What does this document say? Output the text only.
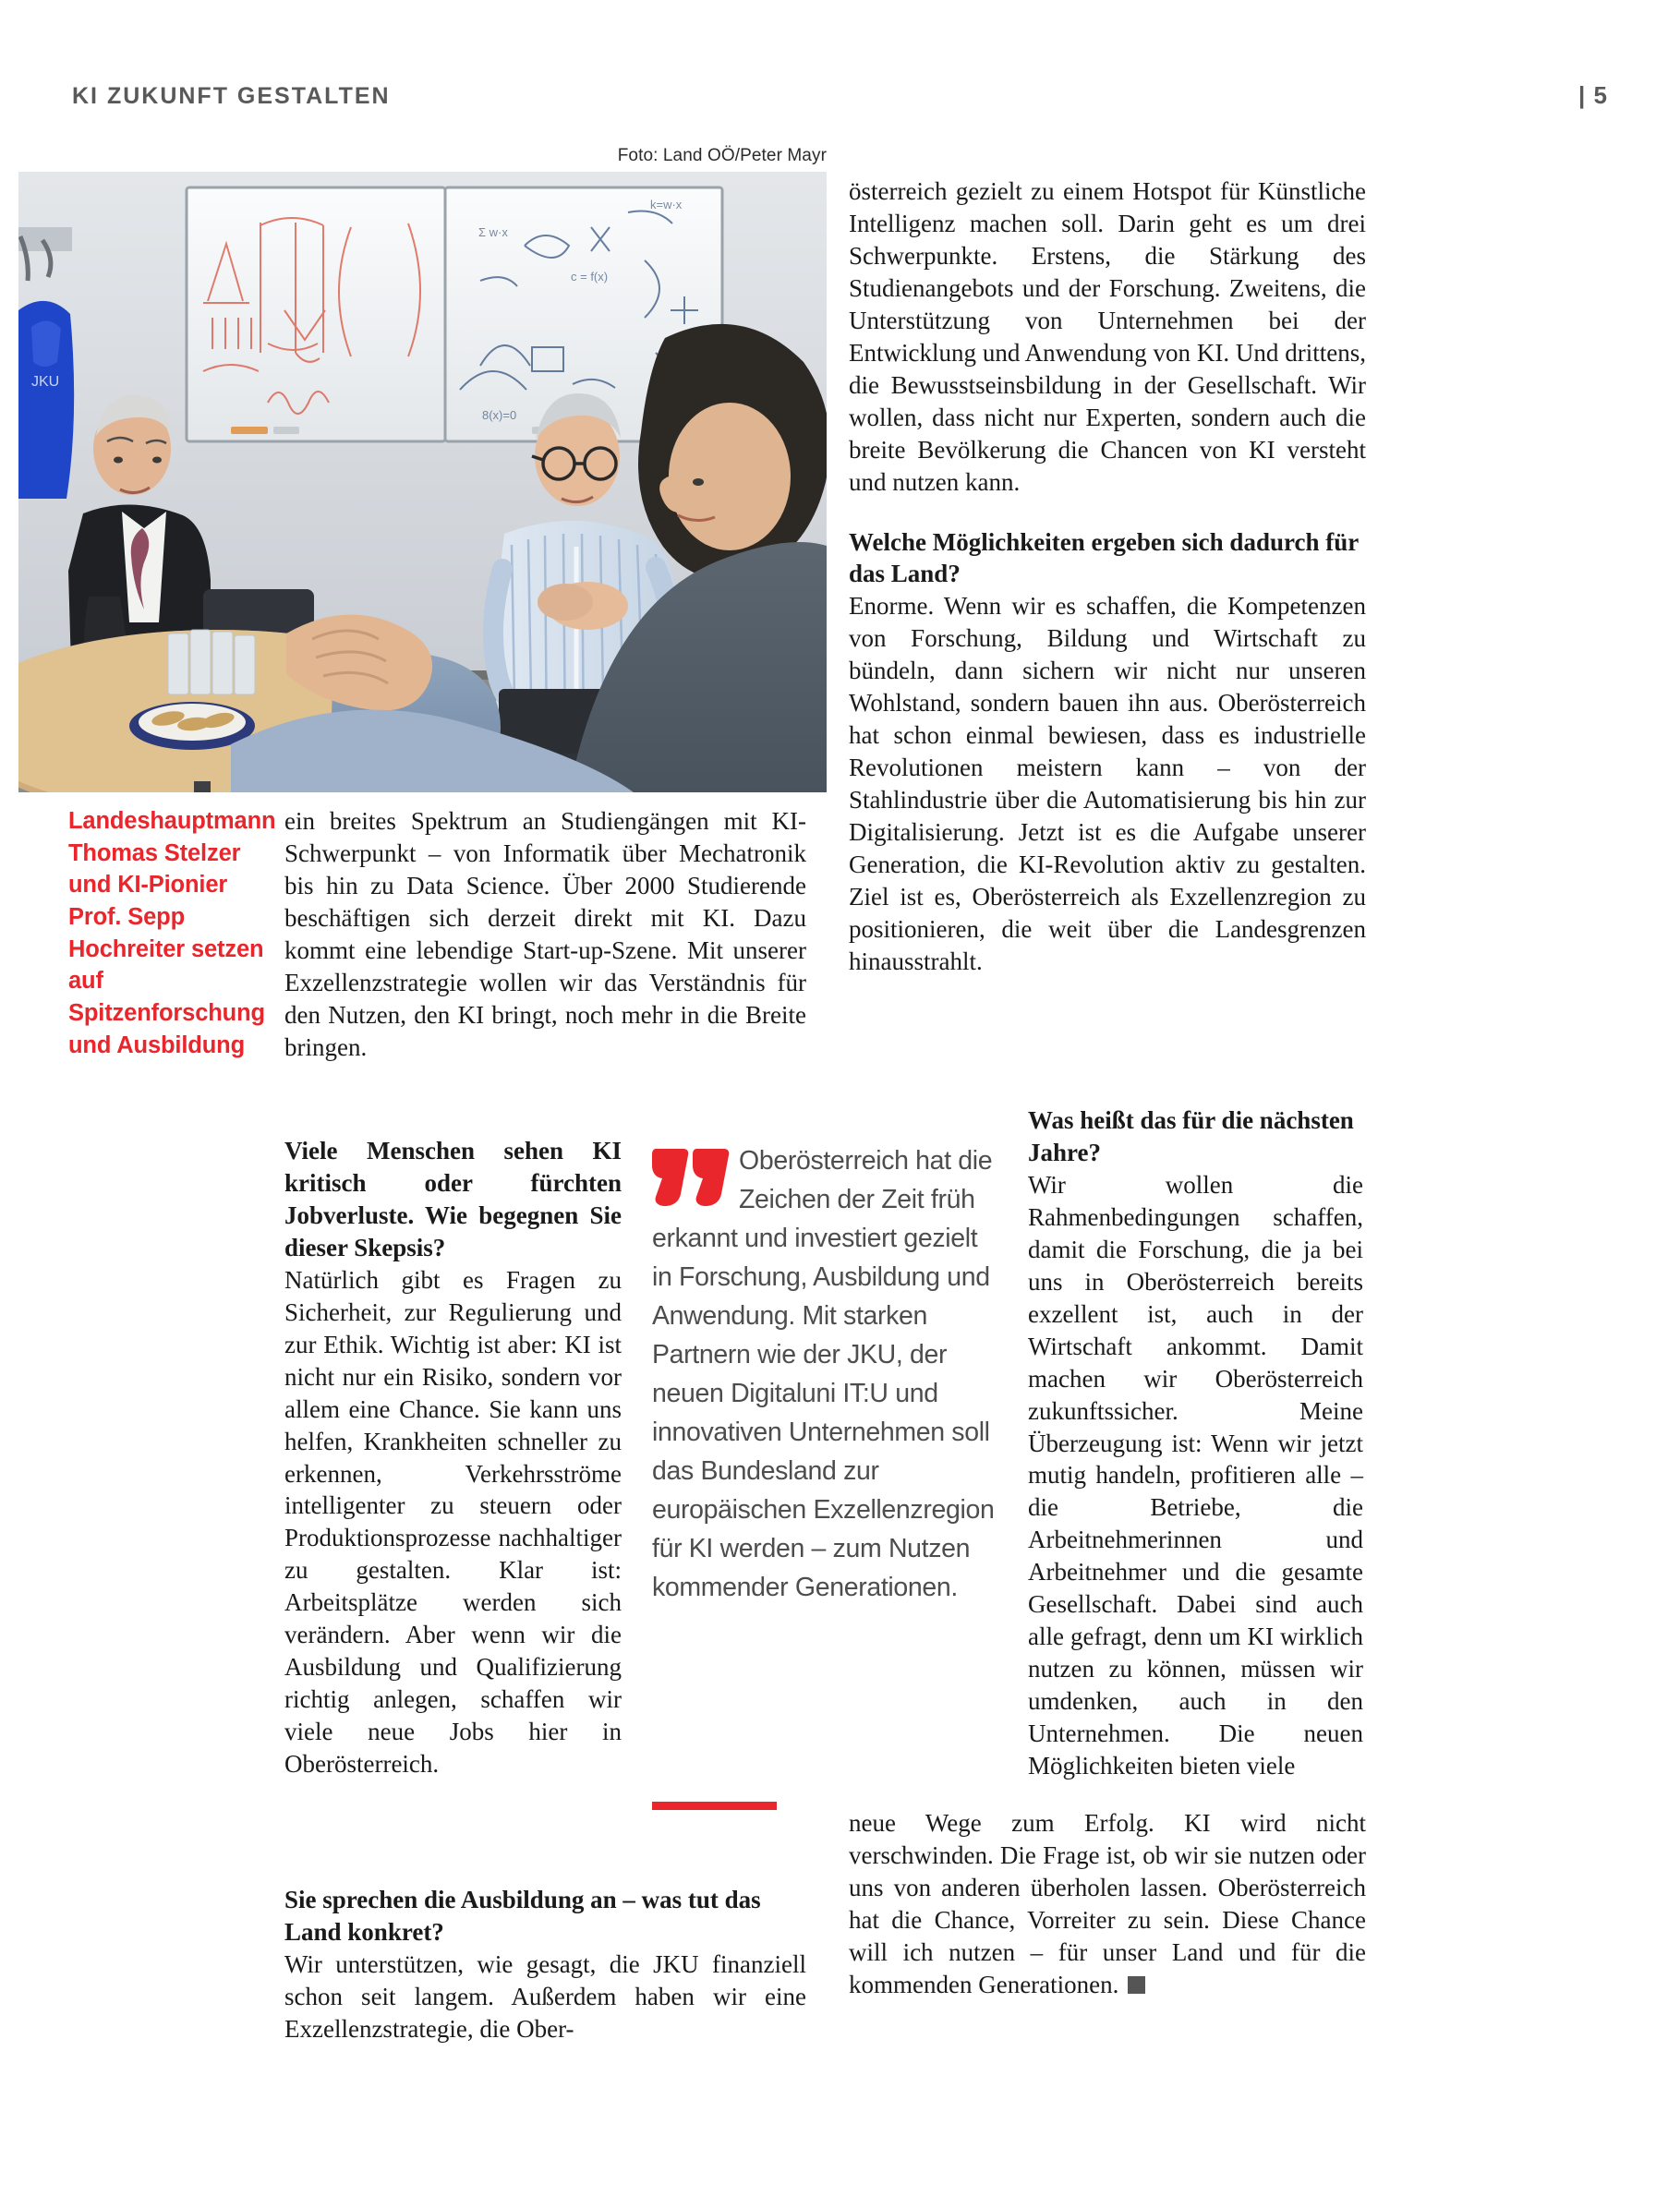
KI ZUKUNFT GESTALTEN	| 5
Foto: Land OÖ/Peter Mayr
k=w·x
Σ w·x
c = f(x)
8(x)=0
JKU
Landeshauptmann Thomas Stelzer und KI-Pionier Prof. Sepp Hochreiter setzen auf Spitzenforschung und Ausbildung

österreich gezielt zu einem Hotspot für Künstliche Intelligenz machen soll. Darin geht es um drei Schwerpunkte. Erstens, die Stärkung des Studienangebots und der Forschung. Zweitens, die Unterstützung von Unternehmen bei der Entwicklung und Anwendung von KI. Und drittens, die Bewusstseinsbildung in der Gesellschaft. Wir wollen, dass nicht nur Experten, sondern auch die breite Bevölkerung die Chancen von KI versteht und nutzen kann.

Welche Möglichkeiten ergeben sich dadurch für das Land?

Enorme. Wenn wir es schaffen, die Kompetenzen von Forschung, Bildung und Wirtschaft zu bündeln, dann sichern wir nicht nur unseren Wohlstand, sondern bauen ihn aus. Oberösterreich hat schon einmal bewiesen, dass es industrielle Revolutionen meistern kann – von der Stahlindustrie über die Automatisierung bis hin zur Digitalisierung. Jetzt ist es die Aufgabe unserer Generation, die KI-Revolution aktiv zu gestalten. Ziel ist es, Oberösterreich als Exzellenzregion zu positionieren, die weit über die Landesgrenzen hinausstrahlt.

ein breites Spektrum an Studiengängen mit KI-Schwerpunkt – von Informatik über Mechatronik bis hin zu Data Science. Über 2000 Studierende beschäftigen sich derzeit direkt mit KI. Dazu kommt eine lebendige Start-up-Szene. Mit unserer Exzellenzstrategie wollen wir das Verständnis für den Nutzen, den KI bringt, noch mehr in die Breite bringen.

Viele Menschen sehen KI kritisch oder fürchten Jobverluste. Wie begegnen Sie dieser Skepsis?

Natürlich gibt es Fragen zu Sicherheit, zur Regulierung und zur Ethik. Wichtig ist aber: KI ist nicht nur ein Risiko, sondern vor allem eine Chance. Sie kann uns helfen, Krankheiten schneller zu erkennen, Verkehrsströme intelligenter zu steuern oder Produktionsprozesse nachhaltiger zu gestalten. Klar ist: Arbeitsplätze werden sich verändern. Aber wenn wir die Ausbildung und Qualifizierung richtig anlegen, schaffen wir viele neue Jobs hier in Oberösterreich.

Sie sprechen die Ausbildung an – was tut das Land konkret?

Wir unterstützen, wie gesagt, die JKU finanziell schon seit langem. Außerdem haben wir eine Exzellenzstrategie, die Ober-

Oberösterreich hat die Zeichen der Zeit früh erkannt und investiert gezielt in Forschung, Ausbildung und Anwendung. Mit starken Partnern wie der JKU, der neuen Digitaluni IT:U und innovativen Unternehmen soll das Bundesland zur europäischen Exzellenzregion für KI werden – zum Nutzen kommender Generationen.

Was heißt das für die nächsten Jahre?

Wir wollen die Rahmenbedingungen schaffen, damit die Forschung, die ja bei uns in Oberösterreich bereits exzellent ist, auch in der Wirtschaft ankommt. Damit machen wir Oberösterreich zukunftssicher. Meine Überzeugung ist: Wenn wir jetzt mutig handeln, profitieren alle – die Betriebe, die Arbeitnehmerinnen und Arbeitnehmer und die gesamte Gesellschaft. Dabei sind auch alle gefragt, denn um KI wirklich nutzen zu können, müssen wir umdenken, auch in den Unternehmen. Die neuen Möglichkeiten bieten viele

neue Wege zum Erfolg. KI wird nicht verschwinden. Die Frage ist, ob wir sie nutzen oder uns von anderen überholen lassen. Oberösterreich hat die Chance, Vorreiter zu sein. Diese Chance will ich nutzen – für unser Land und für die kommenden Generationen.
